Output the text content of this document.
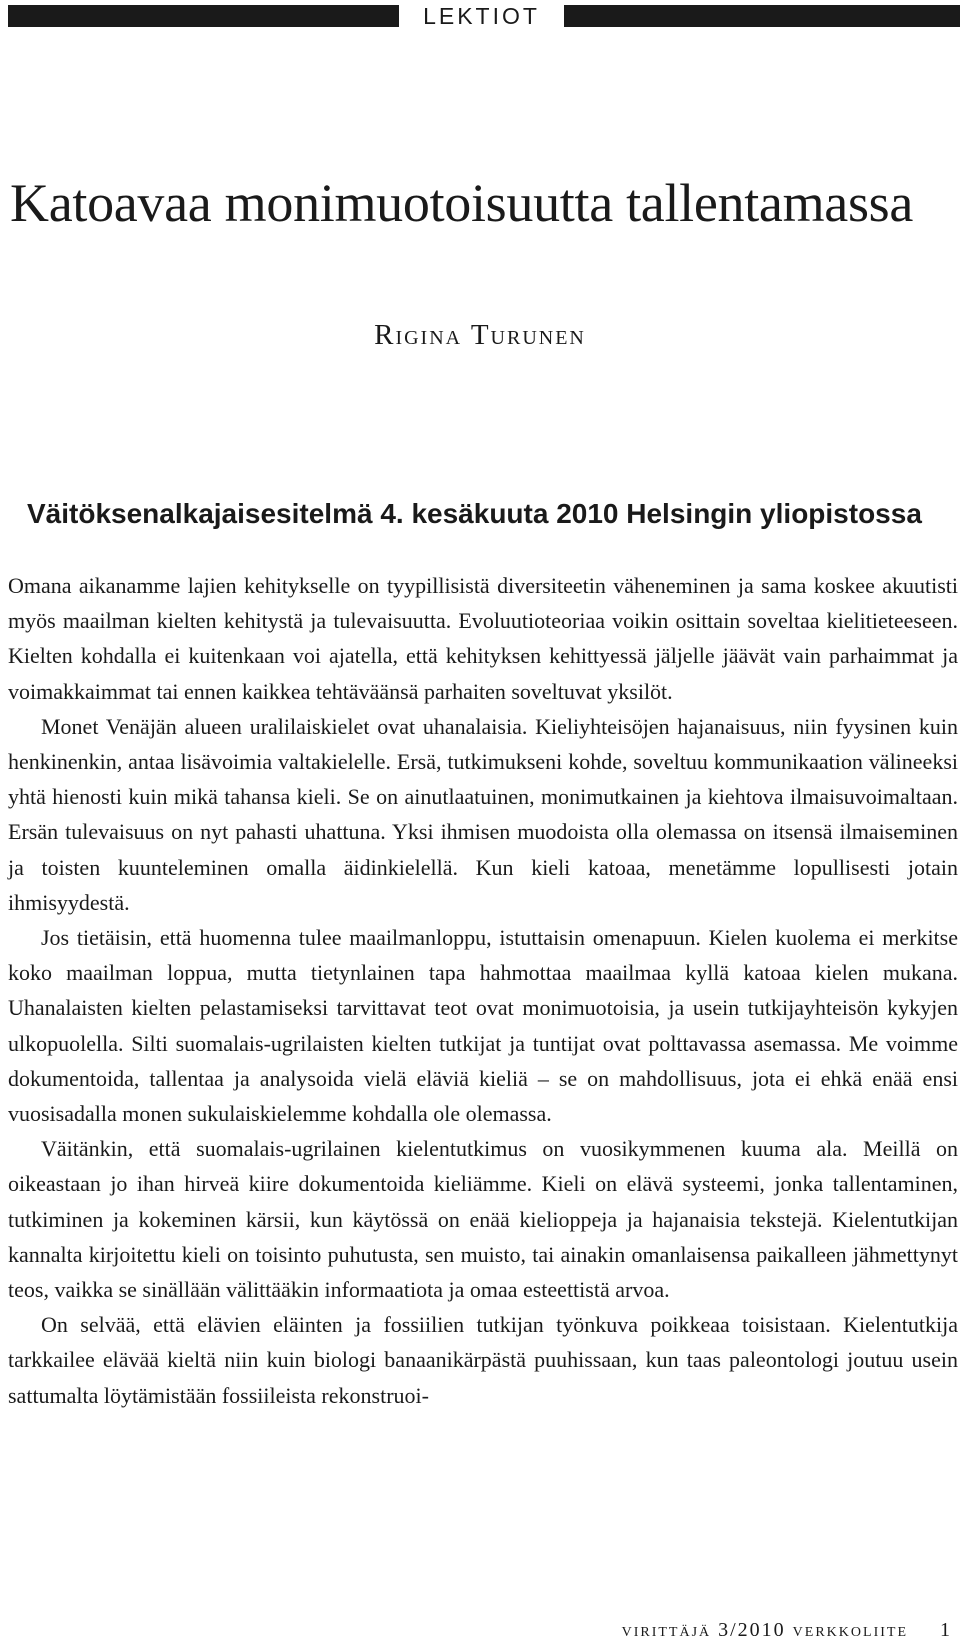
LEKTIOT
Katoavaa monimuotoisuutta tallentamassa
Rigina Turunen
Väitöksenalkajaisesitelmä 4. kesäkuuta 2010 Helsingin yliopistossa

Omana aikanamme lajien kehitykselle on tyypillisistä diversiteetin väheneminen ja sama koskee akuutisti myös maailman kielten kehitystä ja tulevaisuutta. Evoluutioteoriaa voikin osittain soveltaa kielitieteeseen. Kielten kohdalla ei kuitenkaan voi ajatella, että kehityksen kehittyessä jäljelle jäävät vain parhaimmat ja voimakkaimmat tai ennen kaikkea tehtäväänsä parhaiten soveltuvat yksilöt.

Monet Venäjän alueen uralilaiskielet ovat uhanalaisia. Kieliyhteisöjen hajanaisuus, niin fyysinen kuin henkinenkin, antaa lisävoimia valtakielelle. Ersä, tutkimukseni kohde, soveltuu kommunikaation välineeksi yhtä hienosti kuin mikä tahansa kieli. Se on ainutlaatuinen, monimutkainen ja kiehtova ilmaisuvoimaltaan. Ersän tulevaisuus on nyt pahasti uhattuna. Yksi ihmisen muodoista olla olemassa on itsensä ilmaiseminen ja toisten kuunteleminen omalla äidinkielellä. Kun kieli katoaa, menetämme lopullisesti jotain ihmisyydestä.

Jos tietäisin, että huomenna tulee maailmanloppu, istuttaisin omenapuun. Kielen kuolema ei merkitse koko maailman loppua, mutta tietynlainen tapa hahmottaa maailmaa kyllä katoaa kielen mukana. Uhanalaisten kielten pelastamiseksi tarvittavat teot ovat monimuotoisia, ja usein tutkijayhteisön kykyjen ulkopuolella. Silti suomalais-ugrilaisten kielten tutkijat ja tuntijat ovat polttavassa asemassa. Me voimme dokumentoida, tallentaa ja analysoida vielä eläviä kieliä – se on mahdollisuus, jota ei ehkä enää ensi vuosisadalla monen sukulaiskielemme kohdalla ole olemassa.

Väitänkin, että suomalais-ugrilainen kielentutkimus on vuosikymmenen kuuma ala. Meillä on oikeastaan jo ihan hirveä kiire dokumentoida kieliämme. Kieli on elävä systeemi, jonka tallentaminen, tutkiminen ja kokeminen kärsii, kun käytössä on enää kielioppeja ja hajanaisia tekstejä. Kielentutkijan kannalta kirjoitettu kieli on toisinto puhutusta, sen muisto, tai ainakin omanlaisensa paikalleen jähmettynyt teos, vaikka se sinällään välittääkin informaatiota ja omaa esteettistä arvoa.

On selvää, että elävien eläinten ja fossiilien tutkijan työnkuva poikkeaa toisistaan. Kielentutkija tarkkailee elävää kieltä niin kuin biologi banaanikärpästä puuhissaan, kun taas paleontologi joutuu usein sattumalta löytämistään fossiileista rekonstruoi-

virittäjä 3/2010 verkkoliite 1
